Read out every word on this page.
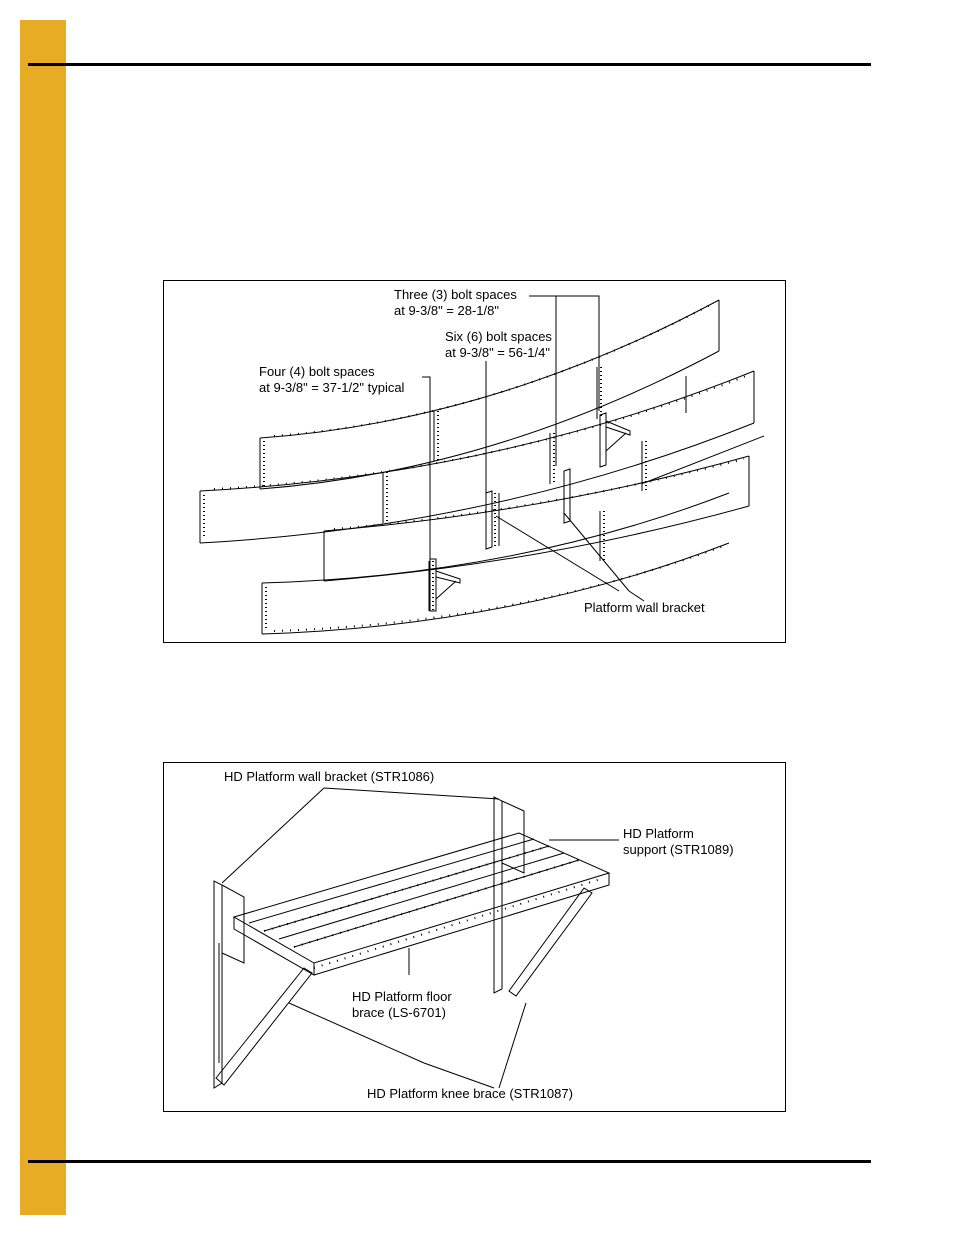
Three (3) bolt spaces
at 9-3/8" = 28-1/8"
Six (6) bolt spaces
at 9-3/8" = 56-1/4"
Four (4) bolt spaces
at 9-3/8" = 37-1/2" typical
Platform wall bracket
HD Platform wall bracket (STR1086)
HD Platform
support (STR1089)
HD Platform floor
brace (LS-6701)
HD Platform knee brace (STR1087)
